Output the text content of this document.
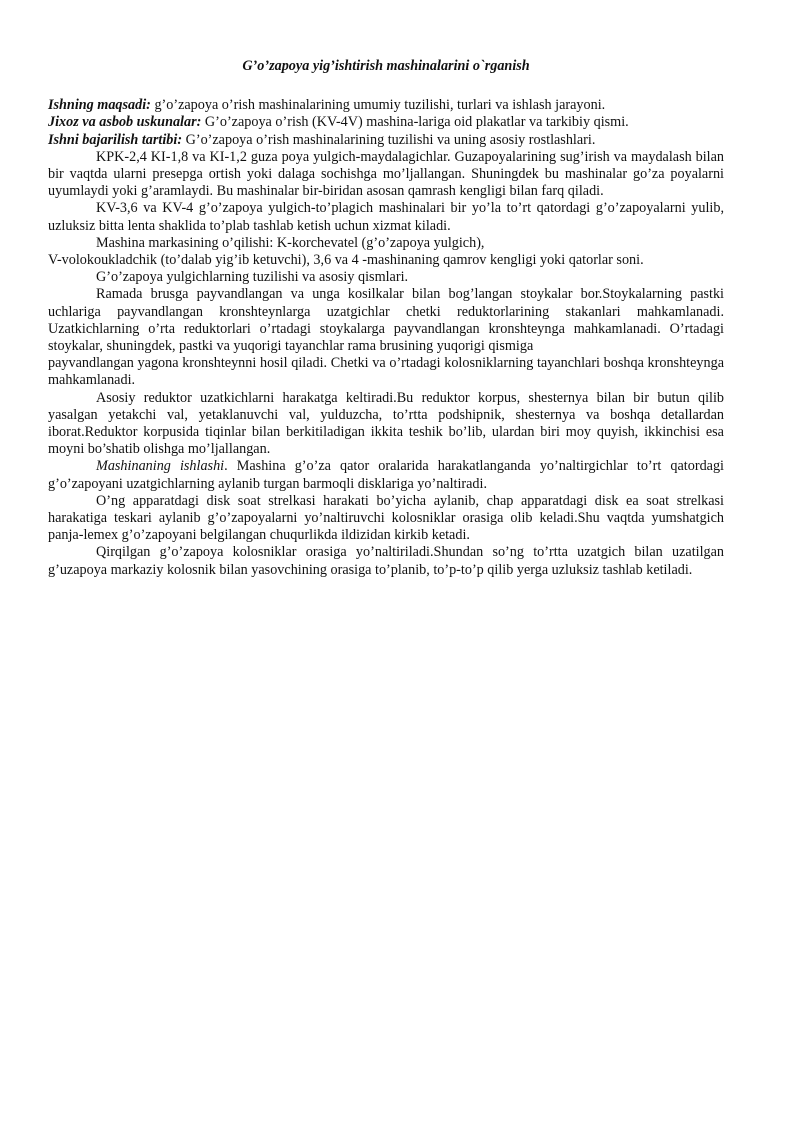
G’o’zapoya yig’ishtirish mashinalarini o`rganish

Ishning maqsadi: g’o’zapoya o’rish mashinalarining umumiy tuzilishi, turlari va ishlash jarayoni.

Jixoz va asbob uskunalar: G’o’zapoya o’rish (KV-4V) mashina-lariga oid plakatlar va tarkibiy qismi.

Ishni bajarilish tartibi: G’o’zapoya o’rish mashinalarining tuzilishi va uning asosiy rostlashlari.

KPK-2,4 KI-1,8 va KI-1,2 guza poya yulgich-maydalagichlar. Guzapoyalarining sug’irish va maydalash bilan bir vaqtda ularni presepga ortish yoki dalaga sochishga mo’ljallangan. Shuningdek bu mashinalar go’za poyalarni uyumlaydi yoki g’aramlaydi. Bu mashinalar bir-biridan asosan qamrash kengligi bilan farq qiladi.

KV-3,6 va KV-4 g’o’zapoya yulgich-to’plagich mashinalari bir yo’la to’rt qatordagi g’o’zapoyalarni yulib, uzluksiz bitta lenta shaklida to’plab tashlab ketish uchun xizmat kiladi.

Mashina markasining o’qilishi: K-korchevatel (g’o’zapoya yulgich),

V-volokoukladchik (to’dalab yig’ib ketuvchi), 3,6 va 4 -mashinaning qamrov kengligi yoki qatorlar soni.

G’o’zapoya yulgichlarning tuzilishi va asosiy qismlari.

Ramada brusga payvandlangan va unga kosilkalar bilan bog’langan stoykalar bor.Stoykalarning pastki uchlariga payvandlangan kronshteynlarga uzatgichlar chetki reduktorlarining stakanlari mahkamlanadi. Uzatkichlarning o’rta reduktorlari o’rtadagi stoykalarga payvandlangan kronshteynga mahkamlanadi. O’rtadagi stoykalar, shuningdek, pastki va yuqorigi tayanchlar rama brusining yuqorigi qismiga

payvandlangan yagona kronshteynni hosil qiladi. Chetki va o’rtadagi kolosniklarning tayanchlari boshqa kronshteynga mahkamlanadi.

Asosiy reduktor uzatkichlarni harakatga keltiradi.Bu reduktor korpus, shesternya bilan bir butun qilib yasalgan yetakchi val, yetaklanuvchi val, yulduzcha, to’rtta podshipnik, shesternya va boshqa detallardan iborat.Reduktor korpusida tiqinlar bilan berkitiladigan ikkita teshik bo’lib, ulardan biri moy quyish, ikkinchisi esa moyni bo’shatib olishga mo’ljallangan.

Mashinaning ishlashi. Mashina g’o’za qator oralarida harakatlanganda yo’naltirgichlar to’rt qatordagi g’o’zapoyani uzatgichlarning aylanib turgan barmoqli disklariga yo’naltiradi.

O’ng apparatdagi disk soat strelkasi harakati bo’yicha aylanib, chap apparatdagi disk ea soat strelkasi harakatiga teskari aylanib g’o’zapoyalarni yo’naltiruvchi kolosniklar orasiga olib keladi.Shu vaqtda yumshatgich panja-lemex g’o’zapoyani belgilangan chuqurlikda ildizidan kirkib ketadi.

Qirqilgan g’o’zapoya kolosniklar orasiga yo’naltiriladi.Shundan so’ng to’rtta uzatgich bilan uzatilgan g’uzapoya markaziy kolosnik bilan yasovchining orasiga to’planib, to’p-to’p qilib yerga uzluksiz tashlab ketiladi.
